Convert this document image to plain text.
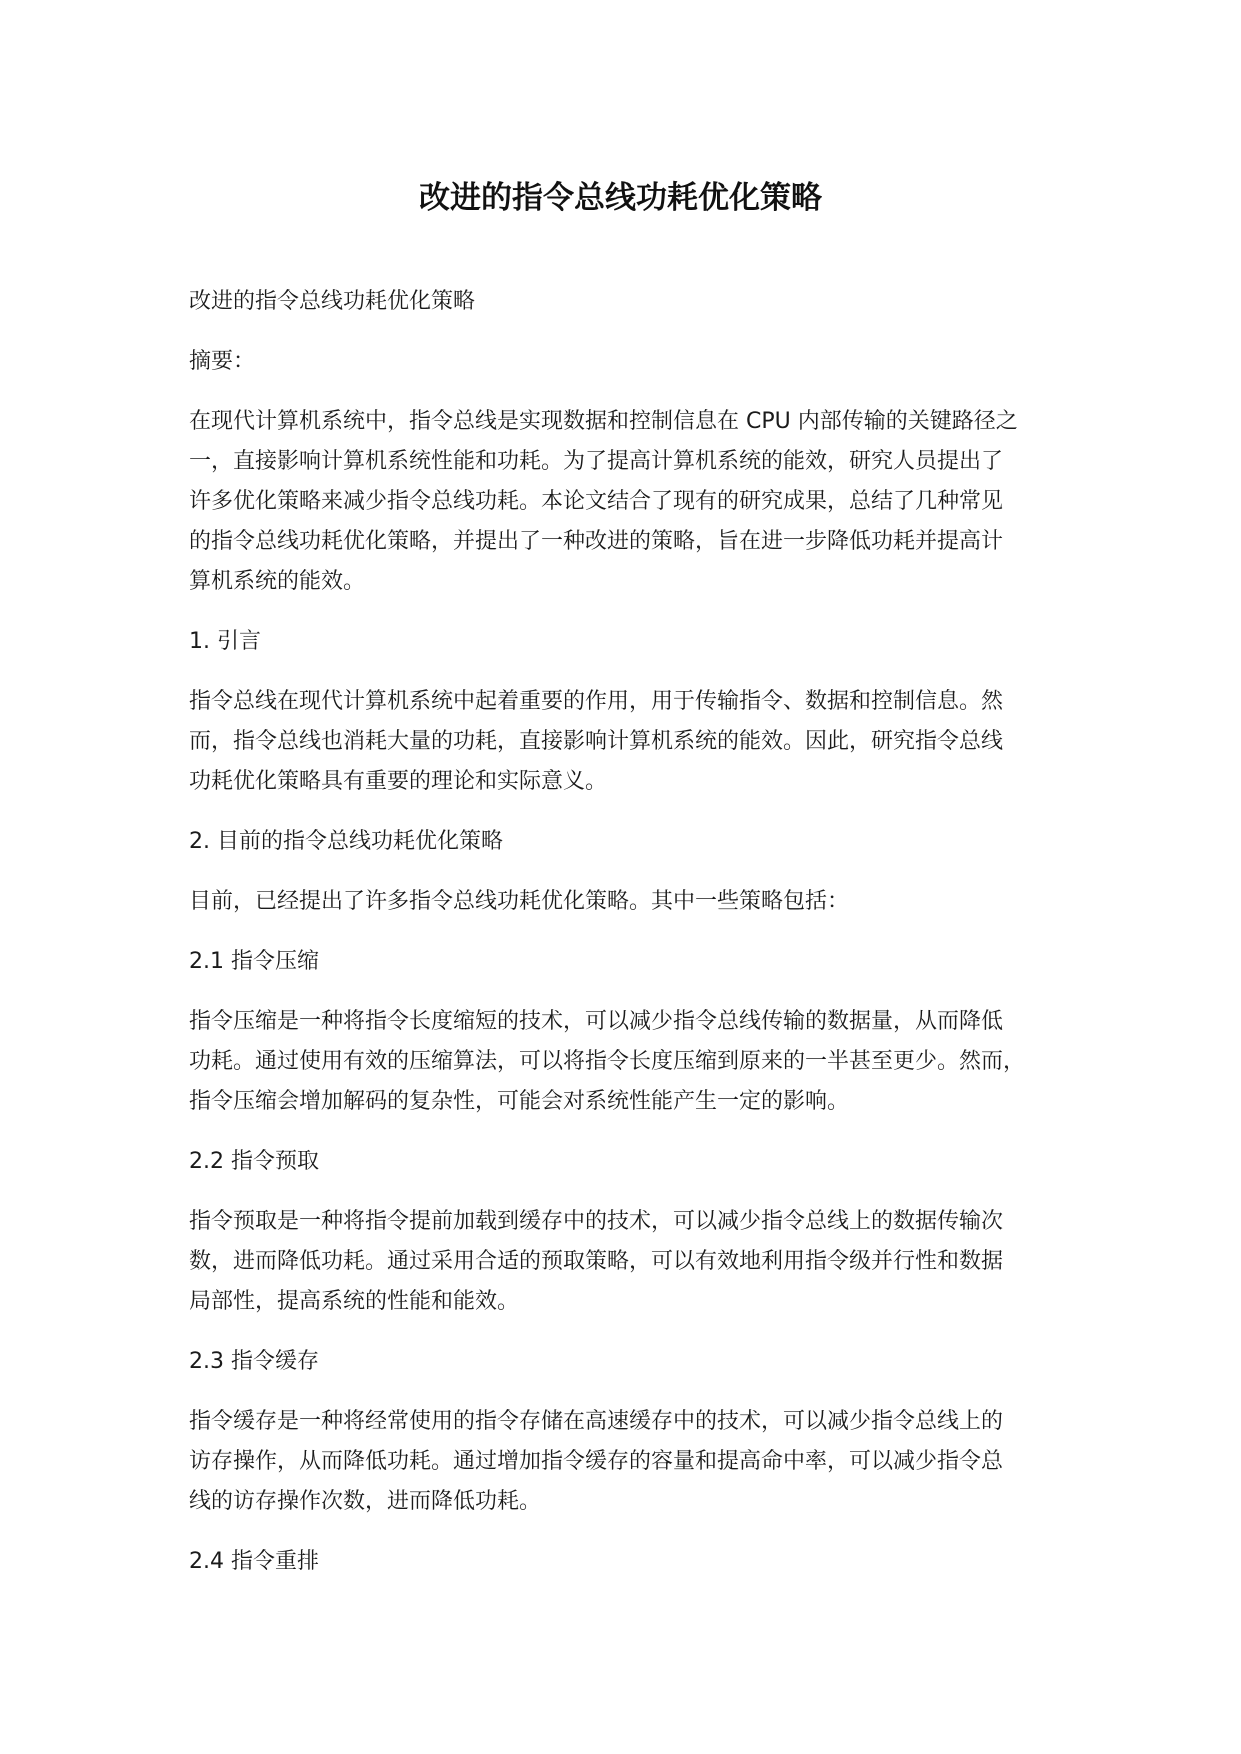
改进的指令总线功耗优化策略

改进的指令总线功耗优化策略

摘要：

在现代计算机系统中，指令总线是实现数据和控制信息在 CPU 内部传输的关键路径之
一，直接影响计算机系统性能和功耗。为了提高计算机系统的能效，研究人员提出了
许多优化策略来减少指令总线功耗。本论文结合了现有的研究成果，总结了几种常见
的指令总线功耗优化策略，并提出了一种改进的策略，旨在进一步降低功耗并提高计
算机系统的能效。

1. 引言

指令总线在现代计算机系统中起着重要的作用，用于传输指令、数据和控制信息。然
而，指令总线也消耗大量的功耗，直接影响计算机系统的能效。因此，研究指令总线
功耗优化策略具有重要的理论和实际意义。

2. 目前的指令总线功耗优化策略

目前，已经提出了许多指令总线功耗优化策略。其中一些策略包括：

2.1 指令压缩

指令压缩是一种将指令长度缩短的技术，可以减少指令总线传输的数据量，从而降低
功耗。通过使用有效的压缩算法，可以将指令长度压缩到原来的一半甚至更少。然而，
指令压缩会增加解码的复杂性，可能会对系统性能产生一定的影响。

2.2 指令预取

指令预取是一种将指令提前加载到缓存中的技术，可以减少指令总线上的数据传输次
数，进而降低功耗。通过采用合适的预取策略，可以有效地利用指令级并行性和数据
局部性，提高系统的性能和能效。

2.3 指令缓存

指令缓存是一种将经常使用的指令存储在高速缓存中的技术，可以减少指令总线上的
访存操作，从而降低功耗。通过增加指令缓存的容量和提高命中率，可以减少指令总
线的访存操作次数，进而降低功耗。

2.4 指令重排
